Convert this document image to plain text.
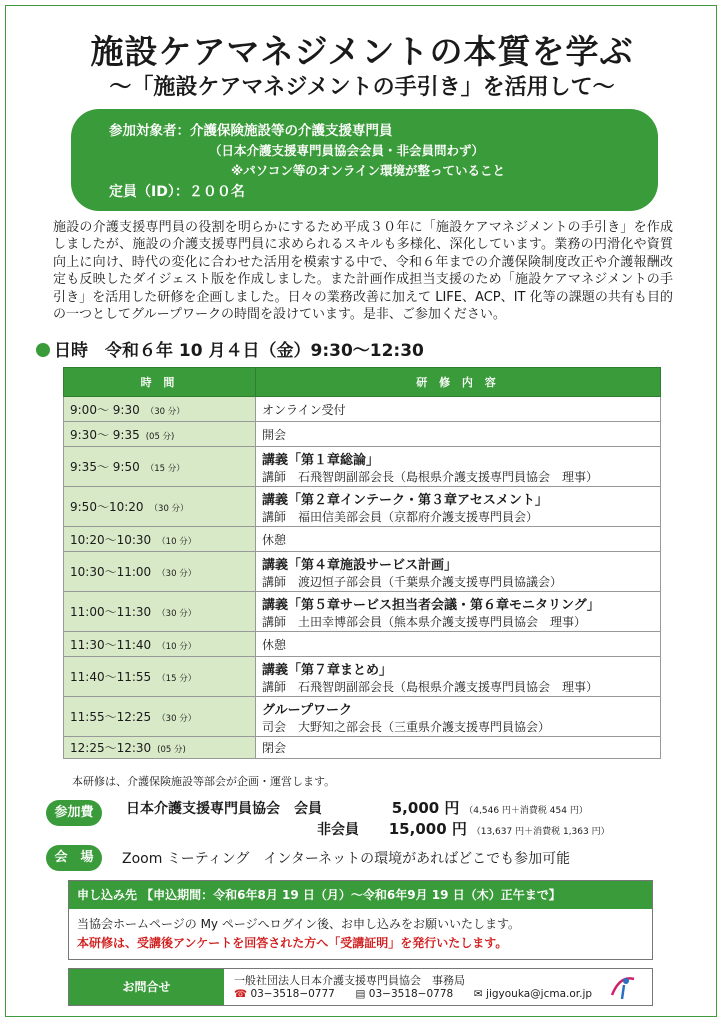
施設ケアマネジメントの本質を学ぶ
〜「施設ケアマネジメントの手引き」を活用して〜
参加対象者：介護保険施設等の介護支援専門員
（日本介護支援専門員協会会員・非会員問わず）
※パソコン等のオンライン環境が整っていること
定員（ID）：２００名
施設の介護支援専門員の役割を明らかにするため平成３０年に「施設ケアマネジメントの手引き」を作成しましたが、施設の介護支援専門員に求められるスキルも多様化、深化しています。業務の円滑化や資質向上に向け、時代の変化に合わせた活用を模索する中で、令和６年までの介護保険制度改正や介護報酬改定も反映したダイジェスト版を作成しました。また計画作成担当支援のため「施設ケアマネジメントの手引き」を活用した研修を企画しました。日々の業務改善に加えて LIFE、ACP、IT 化等の課題の共有も目的の一つとしてグループワークの時間を設けています。是非、ご参加ください。
日時　令和６年 10 月４日（金）9:30〜12:30
時 間	研 修 内 容
9:00〜 9:30 （30 分）	オンライン受付

9:30〜 9:35 (05 分)	開会

9:35〜 9:50 （15 分）	講義「第１章総論」
講師　石飛智朗副部会長（島根県介護支援専門員協会　理事）

9:50〜10:20 （30 分）	講義「第２章インテーク・第３章アセスメント」
講師　福田信美部会員（京都府介護支援専門員会）

10:20〜10:30 （10 分）	休憩

10:30〜11:00 （30 分）	講義「第４章施設サービス計画」
講師　渡辺恒子部会員（千葉県介護支援専門員協議会）

11:00〜11:30 （30 分）	講義「第５章サービス担当者会議・第６章モニタリング」
講師　土田幸博部会員（熊本県介護支援専門員協会　理事）

11:30〜11:40 （10 分）	休憩

11:40〜11:55 （15 分）	講義「第７章まとめ」
講師　石飛智朗副部会長（島根県介護支援専門員協会　理事）

11:55〜12:25 （30 分）	グループワーク
司会　大野知之部会長（三重県介護支援専門員協会）

12:25〜12:30 (05 分)	閉会
本研修は、介護保険施設等部会が企画・運営します。
参加費	日本介護支援専門員協会　会員	5,000 円 （4,546 円＋消費税 454 円）
非会員 15,000 円 （13,637 円＋消費税 1,363 円）
会　場	Zoom ミーティング　インターネットの環境があればどこでも参加可能
申し込み先 【申込期間：令和6年8月 19 日（月）〜令和6年9月 19 日（木）正午まで】
当協会ホームページの My ページへログイン後、お申し込みをお願いいたします。
本研修は、受講後アンケートを回答された方へ「受講証明」を発行いたします。
お問合せ	一般社団法人日本介護支援専門員協会　事務局
☎ 03−3518−0777 ▤ 03−3518−0778 ✉ jigyouka@jcma.or.jp
